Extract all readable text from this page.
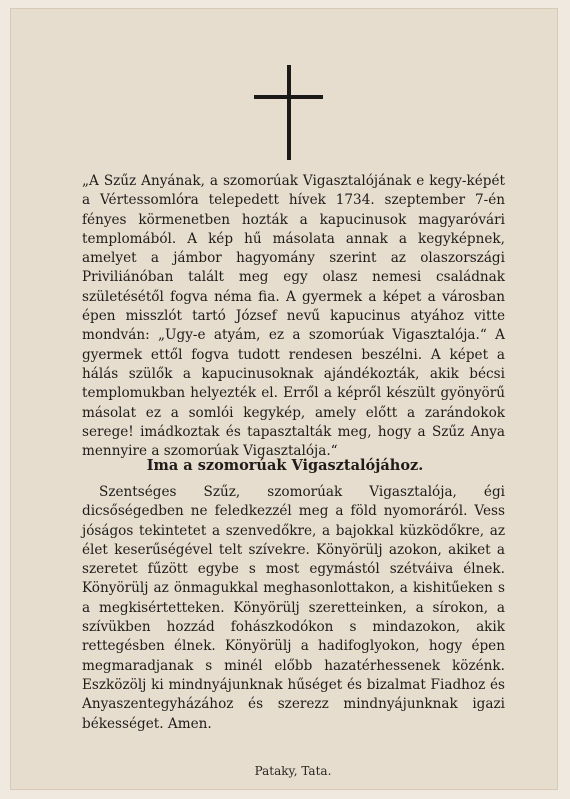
„A Szűz Anyának, a szomorúak Vigasztalójának e kegy-képét a Vértessomlóra telepedett hívek 1734. szeptember 7-én fényes körmenetben hozták a kapucinusok magyaróvári templomából. A kép hű másolata annak a kegyképnek, amelyet a jámbor hagyomány szerint az olaszországi Priviliánóban talált meg egy olasz nemesi családnak születésétől fogva néma fia. A gyermek a képet a városban épen misszlót tartó József nevű kapucinus atyához vitte mondván: „Ugy-e atyám, ez a szomorúak Vigasztalója.“ A gyermek ettől fogva tudott rendesen beszélni. A képet a hálás szülők a kapucinusoknak ajándékozták, akik bécsi templomukban helyezték el. Erről a képről készült gyönyörű másolat ez a somlói kegykép, amely előtt a zarándokok serege! imádkoztak és tapasztalták meg, hogy a Szűz Anya mennyire a szomorúak Vigasztalója.“
Ima a szomorúak Vigasztalójához.
Szentséges Szűz, szomorúak Vigasztalója, égi dicsőségedben ne feledkezzél meg a föld nyomoráról. Vess jóságos tekintetet a szenvedőkre, a bajokkal küzködőkre, az élet keserűségével telt szívekre. Könyörülj azokon, akiket a szeretet fűzött egybe s most egymástól szétváiva élnek. Könyörülj az önmagukkal meghasonlottakon, a kishitűeken s a megkisértetteken. Könyörülj szeretteinken, a sírokon, a szívükben hozzád fohászkodókon s mindazokon, akik rettegésben élnek. Könyörülj a hadifoglyokon, hogy épen megmaradjanak s minél előbb hazatérhessenek közénk. Eszközölj ki mindnyájunknak hűséget és bizalmat Fiadhoz és Anyaszentegyházához és szerezz mindnyájunknak igazi békességet. Amen.
Pataky, Tata.
